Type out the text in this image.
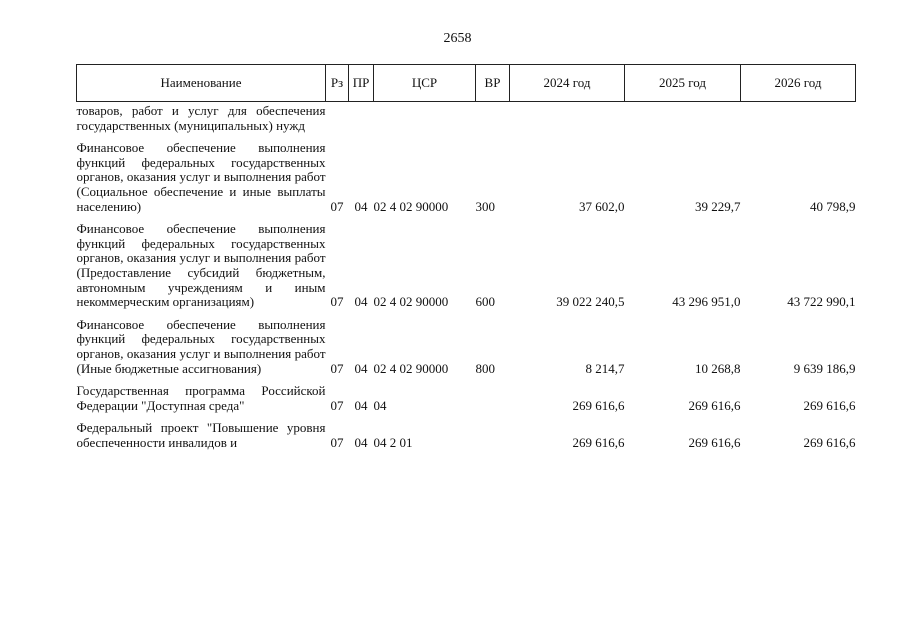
2658
Наименование	Рз	ПР	ЦСР	ВР	2024 год	2025 год	2026 год
товаров, работ и услуг для обеспечения государственных (муниципальных) нужд							
Финансовое обеспечение выполнения функций федеральных государственных органов, оказания услуг и выполнения работ (Социальное обеспечение и иные выплаты населению)	07	04	02 4 02 90000	300	37 602,0	39 229,7	40 798,9
Финансовое обеспечение выполнения функций федеральных государственных органов, оказания услуг и выполнения работ (Предоставление субсидий бюджетным, автономным учреждениям и иным некоммерческим организациям)	07	04	02 4 02 90000	600	39 022 240,5	43 296 951,0	43 722 990,1
Финансовое обеспечение выполнения функций федеральных государственных органов, оказания услуг и выполнения работ (Иные бюджетные ассигнования)	07	04	02 4 02 90000	800	8 214,7	10 268,8	9 639 186,9
Государственная программа Российской Федерации "Доступная среда"	07	04	04		269 616,6	269 616,6	269 616,6
Федеральный проект "Повышение уровня обеспеченности инвалидов и	07	04	04 2 01		269 616,6	269 616,6	269 616,6
